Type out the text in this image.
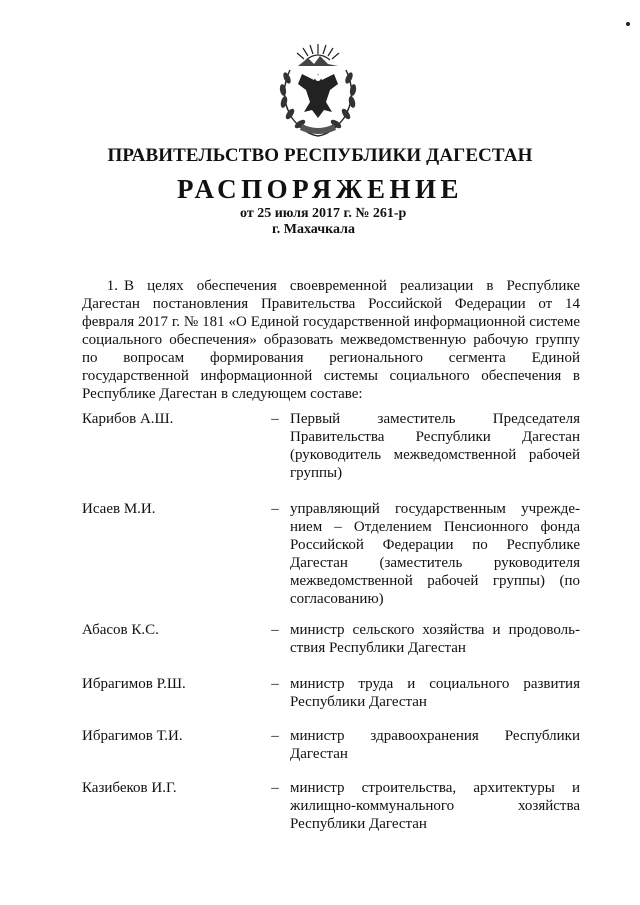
ПРАВИТЕЛЬСТВО РЕСПУБЛИКИ ДАГЕСТАН
РАСПОРЯЖЕНИЕ
от 25 июля 2017 г. № 261-р
г. Махачкала

1. В целях обеспечения своевременной реализации в Республике Дагестан постановления Правительства Российской Федерации от 14 февраля 2017 г. № 181 «О Единой государственной информационной системе социального обеспечения» образовать межведомственную рабочую группу по вопросам формирования регионального сегмента Единой государственной информационной системы социального обеспечения в Республике Дагестан в следующем составе:

Карибов А.Ш.	– Первый заместитель Председателя Правительства Республики Дагестан (руководитель межведомственной рабочей группы)
Исаев М.И.	– управляющий государственным учрежде-нием – Отделением Пенсионного фонда Российской Федерации по Республике Дагестан (заместитель руководителя межведомственной рабочей группы) (по согласованию)
Абасов К.С.	– министр сельского хозяйства и продоволь-ствия Республики Дагестан
Ибрагимов Р.Ш.	– министр труда и социального развития Республики Дагестан
Ибрагимов Т.И.	– министр здравоохранения Республики Дагестан
Казибеков И.Г.	– министр строительства, архитектуры и жилищно-коммунального хозяйства Республики Дагестан
